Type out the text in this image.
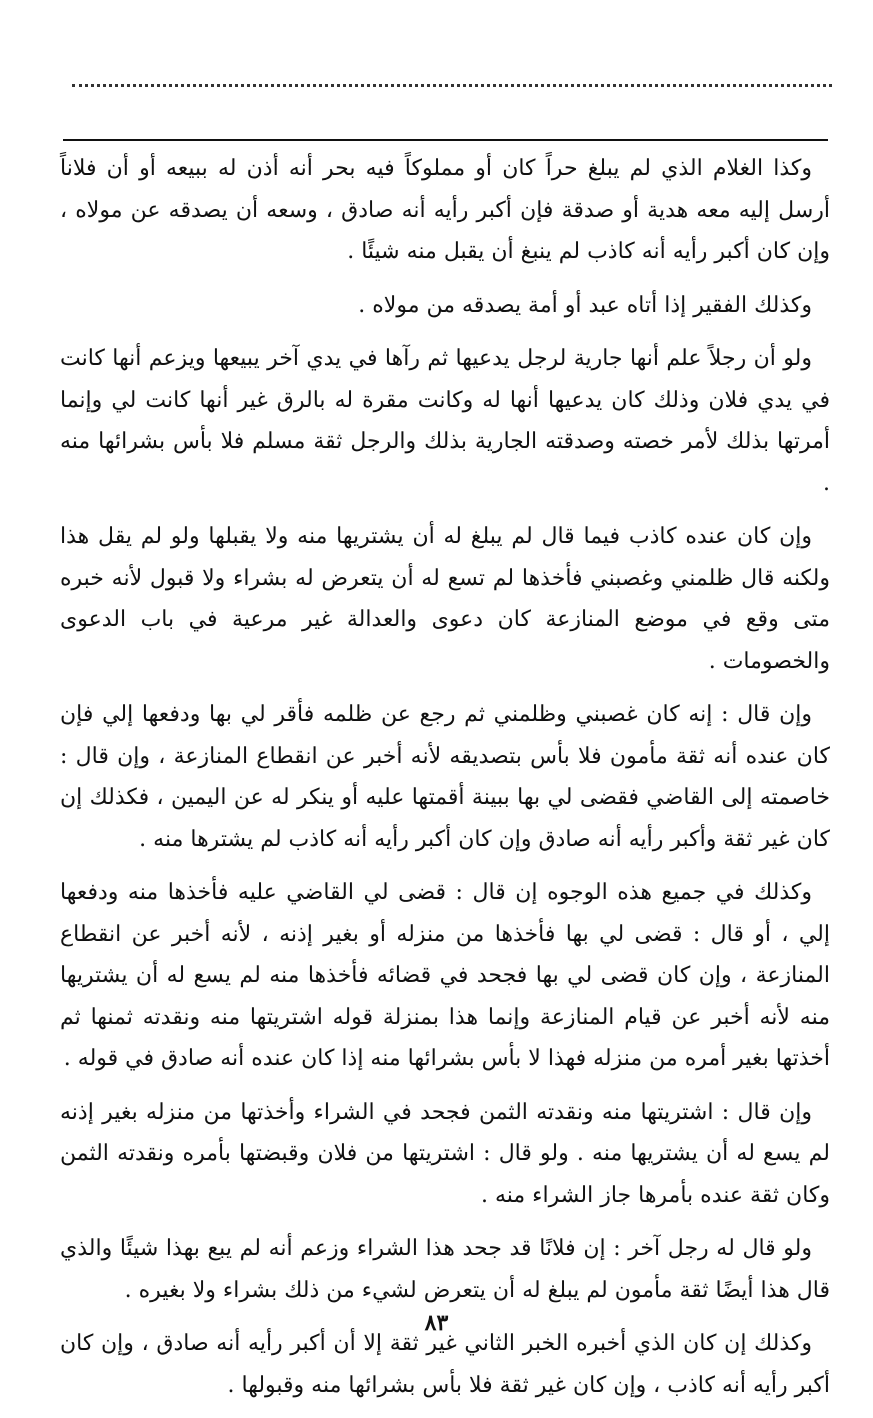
وكذا الغلام الذي لم يبلغ حراً كان أو مملوكاً فيه بحر أنه أذن له ببيعه أو أن فلاناً أرسل إليه معه هدية أو صدقة فإن أكبر رأيه أنه صادق ، وسعه أن يصدقه عن مولاه ، وإن كان أكبر رأيه أنه كاذب لم ينبغ أن يقبل منه شيئًا .

وكذلك الفقير إذا أتاه عبد أو أمة يصدقه من مولاه .

ولو أن رجلاً علم أنها جارية لرجل يدعيها ثم رآها في يدي آخر يبيعها ويزعم أنها كانت في يدي فلان وذلك كان يدعيها أنها له وكانت مقرة له بالرق غير أنها كانت لي وإنما أمرتها بذلك لأمر خصته وصدقته الجارية بذلك والرجل ثقة مسلم فلا بأس بشرائها منه .

وإن كان عنده كاذب فيما قال لم يبلغ له أن يشتريها منه ولا يقبلها ولو لم يقل هذا ولكنه قال ظلمني وغصبني فأخذها لم تسع له أن يتعرض له بشراء ولا قبول لأنه خبره متى وقع في موضع المنازعة كان دعوى والعدالة غير مرعية في باب الدعوى والخصومات .

وإن قال : إنه كان غصبني وظلمني ثم رجع عن ظلمه فأقر لي بها ودفعها إلي فإن كان عنده أنه ثقة مأمون فلا بأس بتصديقه لأنه أخبر عن انقطاع المنازعة ، وإن قال : خاصمته إلى القاضي فقضى لي بها ببينة أقمتها عليه أو ينكر له عن اليمين ، فكذلك إن كان غير ثقة وأكبر رأيه أنه صادق وإن كان أكبر رأيه أنه كاذب لم يشترها منه .

وكذلك في جميع هذه الوجوه إن قال : قضى لي القاضي عليه فأخذها منه ودفعها إلي ، أو قال : قضى لي بها فأخذها من منزله أو بغير إذنه ، لأنه أخبر عن انقطاع المنازعة ، وإن كان قضى لي بها فجحد في قضائه فأخذها منه لم يسع له أن يشتريها منه لأنه أخبر عن قيام المنازعة وإنما هذا بمنزلة قوله اشتريتها منه ونقدته ثمنها ثم أخذتها بغير أمره من منزله فهذا لا بأس بشرائها منه إذا كان عنده أنه صادق في قوله .

وإن قال : اشتريتها منه ونقدته الثمن فجحد في الشراء وأخذتها من منزله بغير إذنه لم يسع له أن يشتريها منه . ولو قال : اشتريتها من فلان وقبضتها بأمره ونقدته الثمن وكان ثقة عنده بأمرها جاز الشراء منه .

ولو قال له رجل آخر : إن فلانًا قد جحد هذا الشراء وزعم أنه لم يبع بهذا شيئًا والذي قال هذا أيضًا ثقة مأمون لم يبلغ له أن يتعرض لشيء من ذلك بشراء ولا بغيره .

وكذلك إن كان الذي أخبره الخبر الثاني غير ثقة إلا أن أكبر رأيه أنه صادق ، وإن كان أكبر رأيه أنه كاذب ، وإن كان غير ثقة فلا بأس بشرائها منه وقبولها .

٨٣
